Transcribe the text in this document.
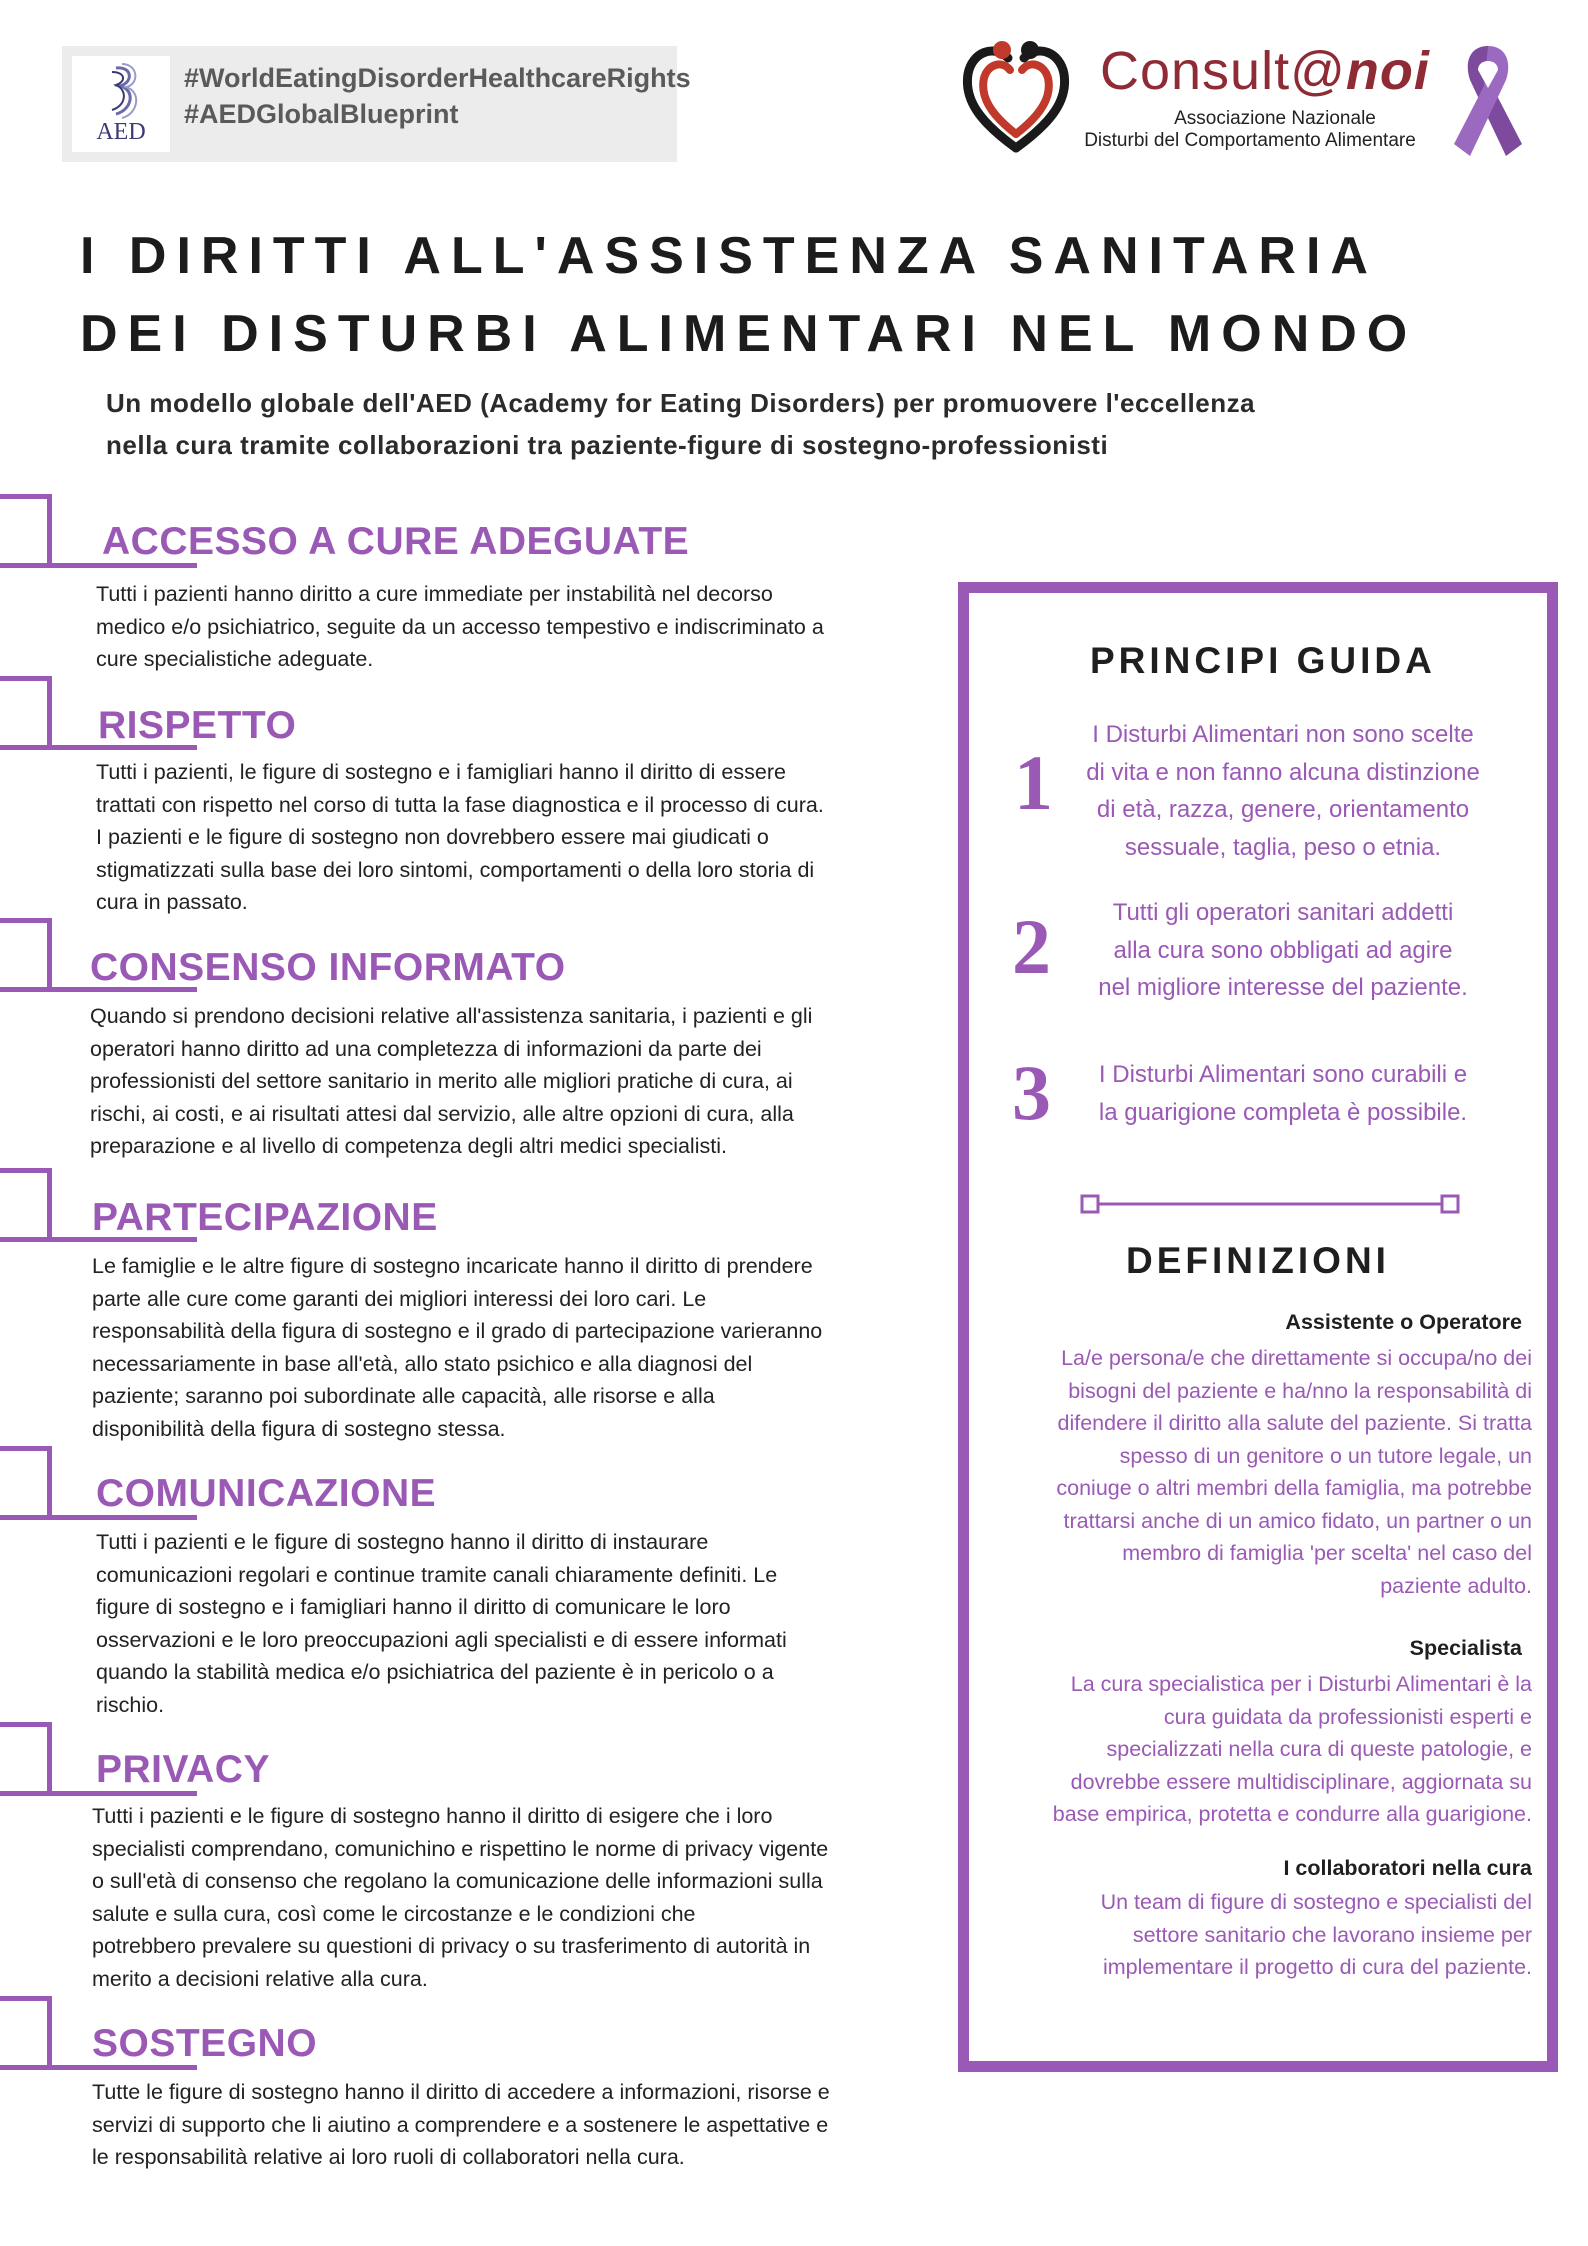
AED
#WorldEatingDisorderHealthcareRights
#AEDGlobalBlueprint
Consult@noi
Associazione Nazionale
Disturbi del Comportamento Alimentare
I DIRITTI ALL'ASSISTENZA SANITARIA
DEI DISTURBI ALIMENTARI NEL MONDO
Un modello globale dell'AED (Academy for Eating Disorders) per promuovere l'eccellenza
nella cura tramite collaborazioni tra paziente-figure di sostegno-professionisti
ACCESSO A CURE ADEGUATE
Tutti i pazienti hanno diritto a cure immediate per instabilità nel decorso
medico e/o psichiatrico, seguite da un accesso tempestivo e indiscriminato a
cure specialistiche adeguate.
RISPETTO
Tutti i pazienti, le figure di sostegno e i famigliari hanno il diritto di essere
trattati con rispetto nel corso di tutta la fase diagnostica e il processo di cura.
I pazienti e le figure di sostegno non dovrebbero essere mai giudicati o
stigmatizzati sulla base dei loro sintomi, comportamenti o della loro storia di
cura in passato.
CONSENSO INFORMATO
Quando si prendono decisioni relative all'assistenza sanitaria, i pazienti e gli
operatori hanno diritto ad una completezza di informazioni da parte dei
professionisti del settore sanitario in merito alle migliori pratiche di cura, ai
rischi, ai costi, e ai risultati attesi dal servizio, alle altre opzioni di cura, alla
preparazione e al livello di competenza degli altri medici specialisti.
PARTECIPAZIONE
Le famiglie e le altre figure di sostegno incaricate hanno il diritto di prendere
parte alle cure come garanti dei migliori interessi dei loro cari. Le
responsabilità della figura di sostegno e il grado di partecipazione varieranno
necessariamente in base all'età, allo stato psichico e alla diagnosi del
paziente; saranno poi subordinate alle capacità, alle risorse e alla
disponibilità della figura di sostegno stessa.
COMUNICAZIONE
Tutti i pazienti e le figure di sostegno hanno il diritto di instaurare
comunicazioni regolari e continue tramite canali chiaramente definiti. Le
figure di sostegno e i famigliari hanno il diritto di comunicare le loro
osservazioni e le loro preoccupazioni agli specialisti e di essere informati
quando la stabilità medica e/o psichiatrica del paziente è in pericolo o a
rischio.
PRIVACY
Tutti i pazienti e le figure di sostegno hanno il diritto di esigere che i loro
specialisti comprendano, comunichino e rispettino le norme di privacy vigente
o sull'età di consenso che regolano la comunicazione delle informazioni sulla
salute e sulla cura, così come le circostanze e le condizioni che
potrebbero prevalere su questioni di privacy o su trasferimento di autorità in
merito a decisioni relative alla cura.
SOSTEGNO
Tutte le figure di sostegno hanno il diritto di accedere a informazioni, risorse e
servizi di supporto che li aiutino a comprendere e a sostenere le aspettative e
le responsabilità relative ai loro ruoli di collaboratori nella cura.
PRINCIPI GUIDA
1
I Disturbi Alimentari non sono scelte
di vita e non fanno alcuna distinzione
di età, razza, genere, orientamento
sessuale, taglia, peso o etnia.
2	Tutti gli operatori sanitari addetti
alla cura sono obbligati ad agire
nel migliore interesse del paziente.
3	I Disturbi Alimentari sono curabili e
la guarigione completa è possibile.
DEFINIZIONI
Assistente o Operatore
La/e persona/e che direttamente si occupa/no dei
bisogni del paziente e ha/nno la responsabilità di
difendere il diritto alla salute del paziente. Si tratta
spesso di un genitore o un tutore legale, un
coniuge o altri membri della famiglia, ma potrebbe
trattarsi anche di un amico fidato, un partner o un
membro di famiglia 'per scelta' nel caso del
paziente adulto.
Specialista
La cura specialistica per i Disturbi Alimentari è la
cura guidata da professionisti esperti e
specializzati nella cura di queste patologie, e
dovrebbe essere multidisciplinare, aggiornata su
base empirica, protetta e condurre alla guarigione.
I collaboratori nella cura
Un team di figure di sostegno e specialisti del
settore sanitario che lavorano insieme per
implementare il progetto di cura del paziente.
